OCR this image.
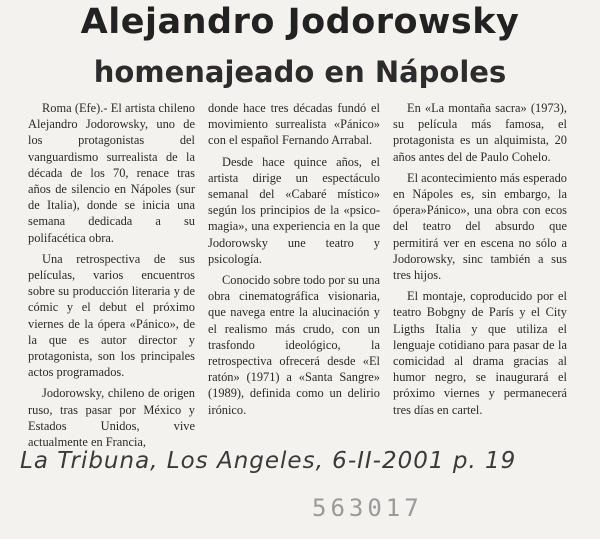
Alejandro Jodorowsky
homenajeado en Nápoles

Roma (Efe).- El artista chileno Alejandro Jodorowsky, uno de los protagonistas del vanguardismo surrealista de la década de los 70, renace tras años de silencio en Nápoles (sur de Italia), donde se inicia una semana dedicada a su polifacética obra.

Una retrospectiva de sus películas, varios encuentros sobre su producción literaria y de cómic y el debut el próximo viernes de la ópera «Pánico», de la que es autor director y protagonista, son los principales actos programados.

Jodorowsky, chileno de origen ruso, tras pasar por México y Estados Unidos, vive actualmente en Francia,

donde hace tres décadas fundó el movimiento surrealista «Pánico» con el español Fernando Arrabal.

Desde hace quince años, el artista dirige un espectáculo semanal del «Cabaré místico» según los principios de la «psico-magia», una experiencia en la que Jodorowsky une teatro y psicología.

Conocido sobre todo por su una obra cinematográfica visionaria, que navega entre la alucinación y el realismo más crudo, con un trasfondo ideológico, la retrospectiva ofrecerá desde «El ratón» (1971) a «Santa Sangre» (1989), definida como un delirio irónico.

En «La montaña sacra» (1973), su película más famosa, el protagonista es un alquimista, 20 años antes del de Paulo Cohelo.

El acontecimiento más esperado en Nápoles es, sin embargo, la ópera»Pánico», una obra con ecos del teatro del absurdo que permitirá ver en escena no sólo a Jodorowsky, sinc también a sus tres hijos.

El montaje, coproducido por el teatro Bobgny de París y el City Ligths Italia y que utiliza el lenguaje cotidiano para pasar de la comicidad al drama gracias al humor negro, se inaugurará el próximo viernes y permanecerá tres días en cartel.

La Tribuna, Los Angeles, 6-II-2001 p. 19
563017
